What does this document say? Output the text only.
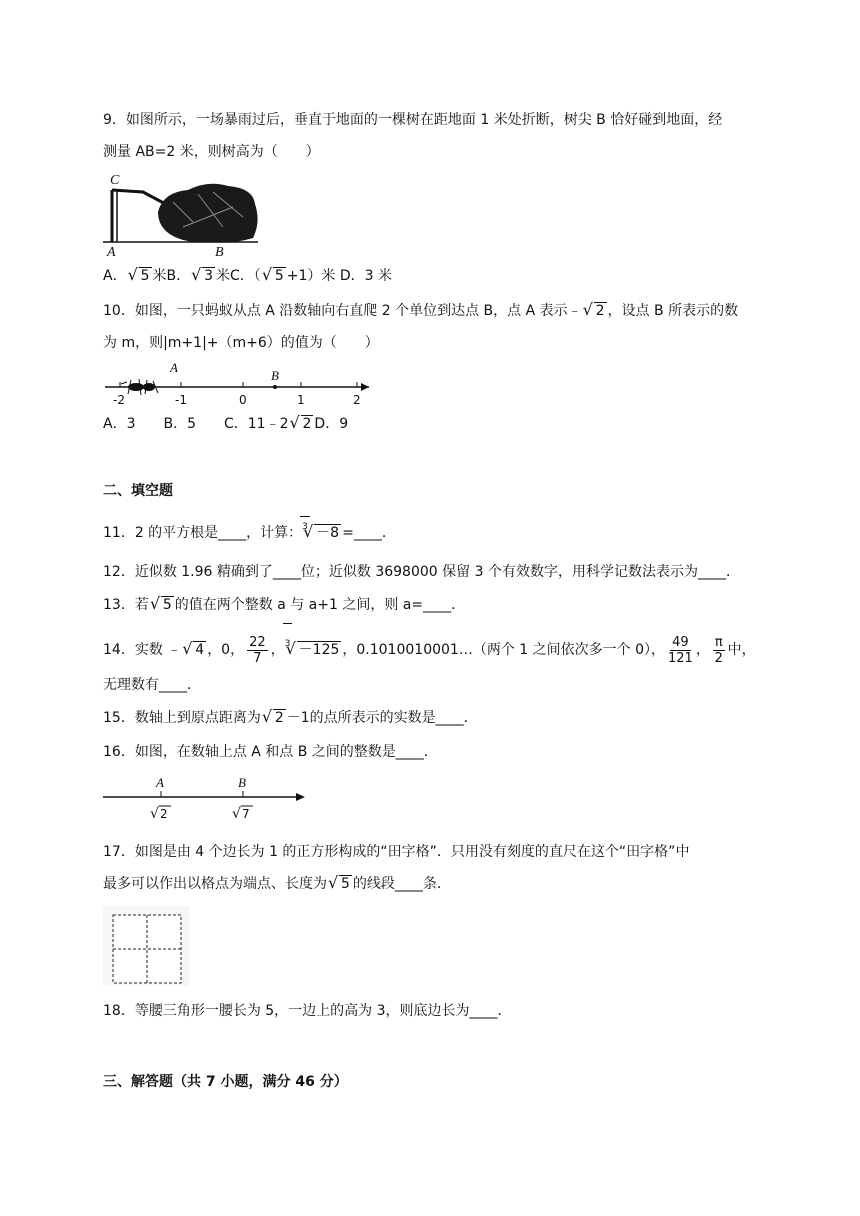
9．如图所示，一场暴雨过后，垂直于地面的一棵树在距地面 1 米处折断，树尖 B 恰好碰到地面，经
测量 AB=2 米，则树高为（　　）
C
A	B
A． √ 5 米B． √ 3 米C．（ √ 5 +1）米 D．3 米
10．如图，一只蚂蚁从点 A 沿数轴向右直爬 2 个单位到达点 B，点 A 表示﹣ √ 2 ，设点 B 所表示的数
为 m，则|m+1|+（m+6）的值为（　　）
A
B
-2	-1	0	1	2
A．3　　B．5　　C．11﹣2 √ 2 D．9
二、填空题
11．2 的平方根是____，计算： √ 3 －8 =____．
12．近似数 1.96 精确到了____位；近似数 3698000 保留 3 个有效数字，用科学记数法表示为____．
13．若 √ 5 的值在两个整数 a 与 a+1 之间，则 a=____．
14．实数 ﹣ √ 4 ，0， $\frac{22}{7}$ ， √ 3 －125 ，0.1010010001…（两个 1 之间依次多一个 0）， $\frac{49}{121}$ ， $\frac{\pi}{2}$ 中，
无理数有____．
15．数轴上到原点距离为 √ 2 －1的点所表示的实数是____．
16．如图，在数轴上点 A 和点 B 之间的整数是____．
A	B
√ 2	√ 7
17．如图是由 4 个边长为 1 的正方形构成的“田字格”．只用没有刻度的直尺在这个“田字格”中
最多可以作出以格点为端点、长度为 √ 5 的线段____条．
18．等腰三角形一腰长为 5，一边上的高为 3，则底边长为____．
三、解答题（共 7 小题，满分 46 分）
